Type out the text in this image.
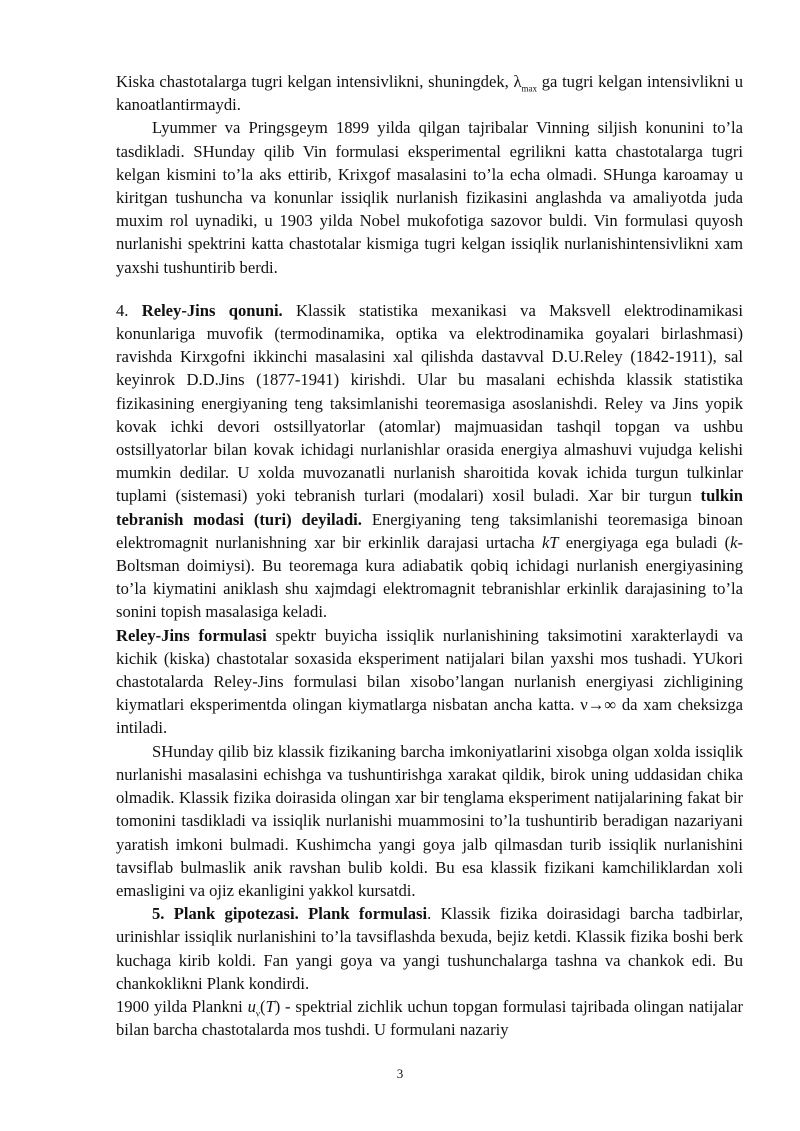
Kiska chastotalarga tugri kelgan intensivlikni, shuningdek, $\lambda_{max}$ ga tugri kelgan intensivlikni u kanoatlantirmaydi.

Lyummer va Pringsgeym 1899 yilda qilgan tajribalar Vinning siljish konunini to’la tasdikladi. SHunday qilib Vin formulasi eksperimental egrilikni katta chastotalarga tugri kelgan kismini to’la aks ettirib, Krixgof masalasini to’la echa olmadi. SHunga karoamay u kiritgan tushuncha va konunlar issiqlik nurlanish fizikasini anglashda va amaliyotda juda muxim rol uynadiki, u 1903 yilda Nobel mukofotiga sazovor buldi. Vin formulasi quyosh nurlanishi spektrini katta chastotalar kismiga tugri kelgan issiqlik nurlanishintensivlikni xam yaxshi tushuntirib berdi.

4. Reley-Jins qonuni. Klassik statistika mexanikasi va Maksvell elektrodinamikasi konunlariga muvofik (termodinamika, optika va elektrodinamika goyalari birlashmasi) ravishda Kirxgofni ikkinchi masalasini xal qilishda dastavval D.U.Reley (1842-1911), sal keyinrok D.D.Jins (1877-1941) kirishdi. Ular bu masalani echishda klassik statistika fizikasining energiyaning teng taksimlanishi teoremasiga asoslanishdi. Reley va Jins yopik kovak ichki devori ostsillyatorlar (atomlar) majmuasidan tashqil topgan va ushbu ostsillyatorlar bilan kovak ichidagi nurlanishlar orasida energiya almashuvi vujudga kelishi mumkin dedilar. U xolda muvozanatli nurlanish sharoitida kovak ichida turgun tulkinlar tuplami (sistemasi) yoki tebranish turlari (modalari) xosil buladi. Xar bir turgun tulkin tebranish modasi (turi) deyiladi. Energiyaning teng taksimlanishi teoremasiga binoan elektromagnit nurlanishning xar bir erkinlik darajasi urtacha kT energiyaga ega buladi (k-Boltsman doimiysi). Bu teoremaga kura adiabatik qobiq ichidagi nurlanish energiyasining to’la kiymatini aniklash shu xajmdagi elektromagnit tebranishlar erkinlik darajasining to’la sonini topish masalasiga keladi.

Reley-Jins formulasi spektr buyicha issiqlik nurlanishining taksimotini xarakterlaydi va kichik (kiska) chastotalar soxasida eksperiment natijalari bilan yaxshi mos tushadi. YUkori chastotalarda Reley-Jins formulasi bilan xisobo’langan nurlanish energiyasi zichligining kiymatlari eksperimentda olingan kiymatlarga nisbatan ancha katta. ν→∞ da xam cheksizga intiladi.

SHunday qilib biz klassik fizikaning barcha imkoniyatlarini xisobga olgan xolda issiqlik nurlanishi masalasini echishga va tushuntirishga xarakat qildik, birok uning uddasidan chika olmadik. Klassik fizika doirasida olingan xar bir tenglama eksperiment natijalarining fakat bir tomonini tasdikladi va issiqlik nurlanishi muammosini to’la tushuntirib beradigan nazariyani yaratish imkoni bulmadi. Kushimcha yangi goya jalb qilmasdan turib issiqlik nurlanishini tavsiflab bulmaslik anik ravshan bulib koldi. Bu esa klassik fizikani kamchiliklardan xoli emasligini va ojiz ekanligini yakkol kursatdi.

5. Plank gipotezasi. Plank formulasi. Klassik fizika doirasidagi barcha tadbirlar, urinishlar issiqlik nurlanishini to’la tavsiflashda bexuda, bejiz ketdi. Klassik fizika boshi berk kuchaga kirib koldi. Fan yangi goya va yangi tushunchalarga tashna va chankok edi. Bu chankoklikni Plank kondirdi.

1900 yilda Plankni $u_\nu(T)$ - spektrial zichlik uchun topgan formulasi tajribada olingan natijalar bilan barcha chastotalarda mos tushdi. U formulani nazariy

3
